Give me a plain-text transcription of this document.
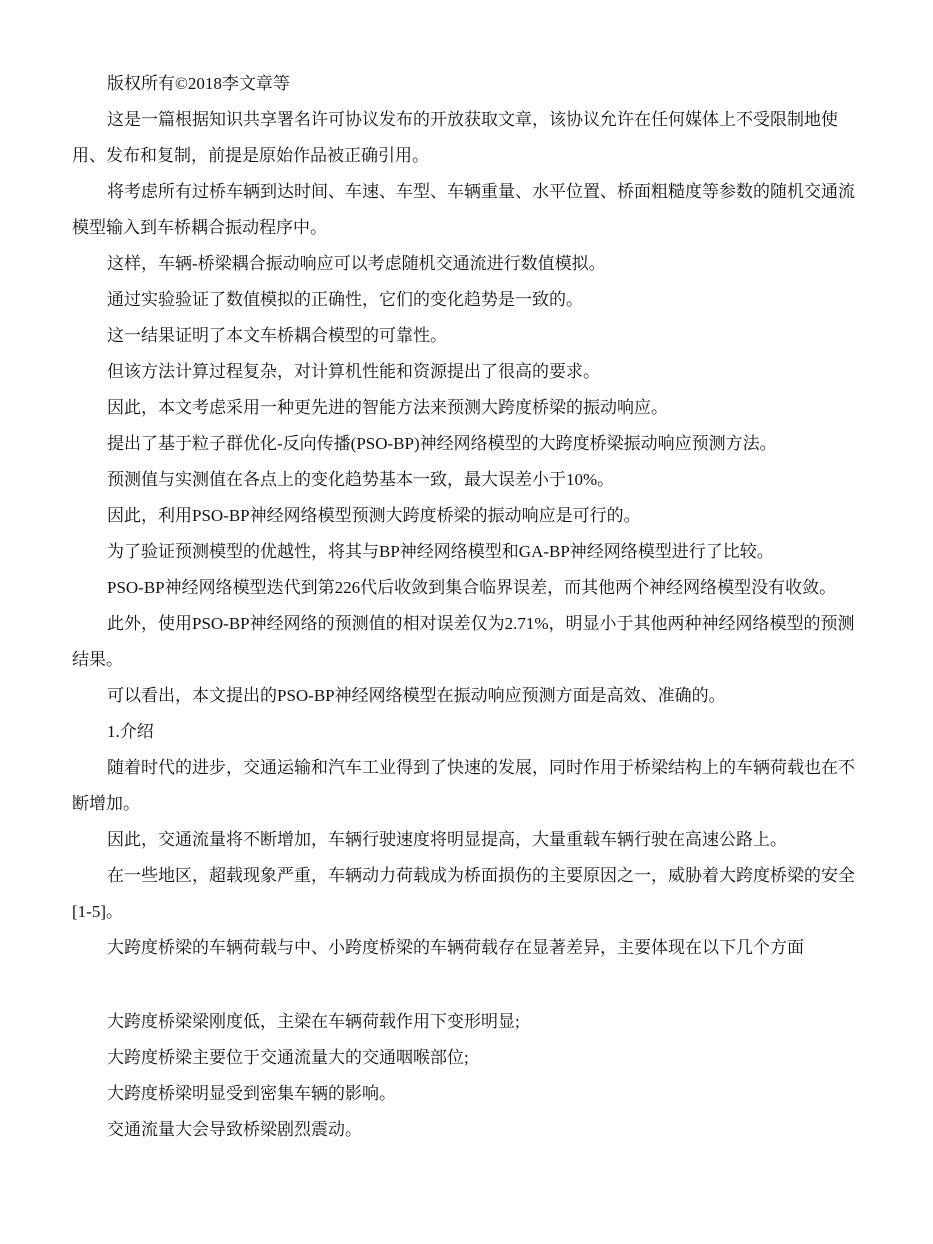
版权所有©2018李文章等

这是一篇根据知识共享署名许可协议发布的开放获取文章，该协议允许在任何媒体上不受限制地使用、发布和复制，前提是原始作品被正确引用。

将考虑所有过桥车辆到达时间、车速、车型、车辆重量、水平位置、桥面粗糙度等参数的随机交通流模型输入到车桥耦合振动程序中。

这样，车辆-桥梁耦合振动响应可以考虑随机交通流进行数值模拟。

通过实验验证了数值模拟的正确性，它们的变化趋势是一致的。

这一结果证明了本文车桥耦合模型的可靠性。

但该方法计算过程复杂，对计算机性能和资源提出了很高的要求。

因此，本文考虑采用一种更先进的智能方法来预测大跨度桥梁的振动响应。

提出了基于粒子群优化-反向传播(PSO-BP)神经网络模型的大跨度桥梁振动响应预测方法。

预测值与实测值在各点上的变化趋势基本一致，最大误差小于10%。

因此，利用PSO-BP神经网络模型预测大跨度桥梁的振动响应是可行的。

为了验证预测模型的优越性，将其与BP神经网络模型和GA-BP神经网络模型进行了比较。

PSO-BP神经网络模型迭代到第226代后收敛到集合临界误差，而其他两个神经网络模型没有收敛。

此外，使用PSO-BP神经网络的预测值的相对误差仅为2.71%，明显小于其他两种神经网络模型的预测结果。

可以看出，本文提出的PSO-BP神经网络模型在振动响应预测方面是高效、准确的。

1.介绍

随着时代的进步，交通运输和汽车工业得到了快速的发展，同时作用于桥梁结构上的车辆荷载也在不断增加。

因此，交通流量将不断增加，车辆行驶速度将明显提高，大量重载车辆行驶在高速公路上。

在一些地区，超载现象严重，车辆动力荷载成为桥面损伤的主要原因之一，威胁着大跨度桥梁的安全[1-5]。

大跨度桥梁的车辆荷载与中、小跨度桥梁的车辆荷载存在显著差异，主要体现在以下几个方面

大跨度桥梁梁刚度低，主梁在车辆荷载作用下变形明显;

大跨度桥梁主要位于交通流量大的交通咽喉部位;

大跨度桥梁明显受到密集车辆的影响。

交通流量大会导致桥梁剧烈震动。
